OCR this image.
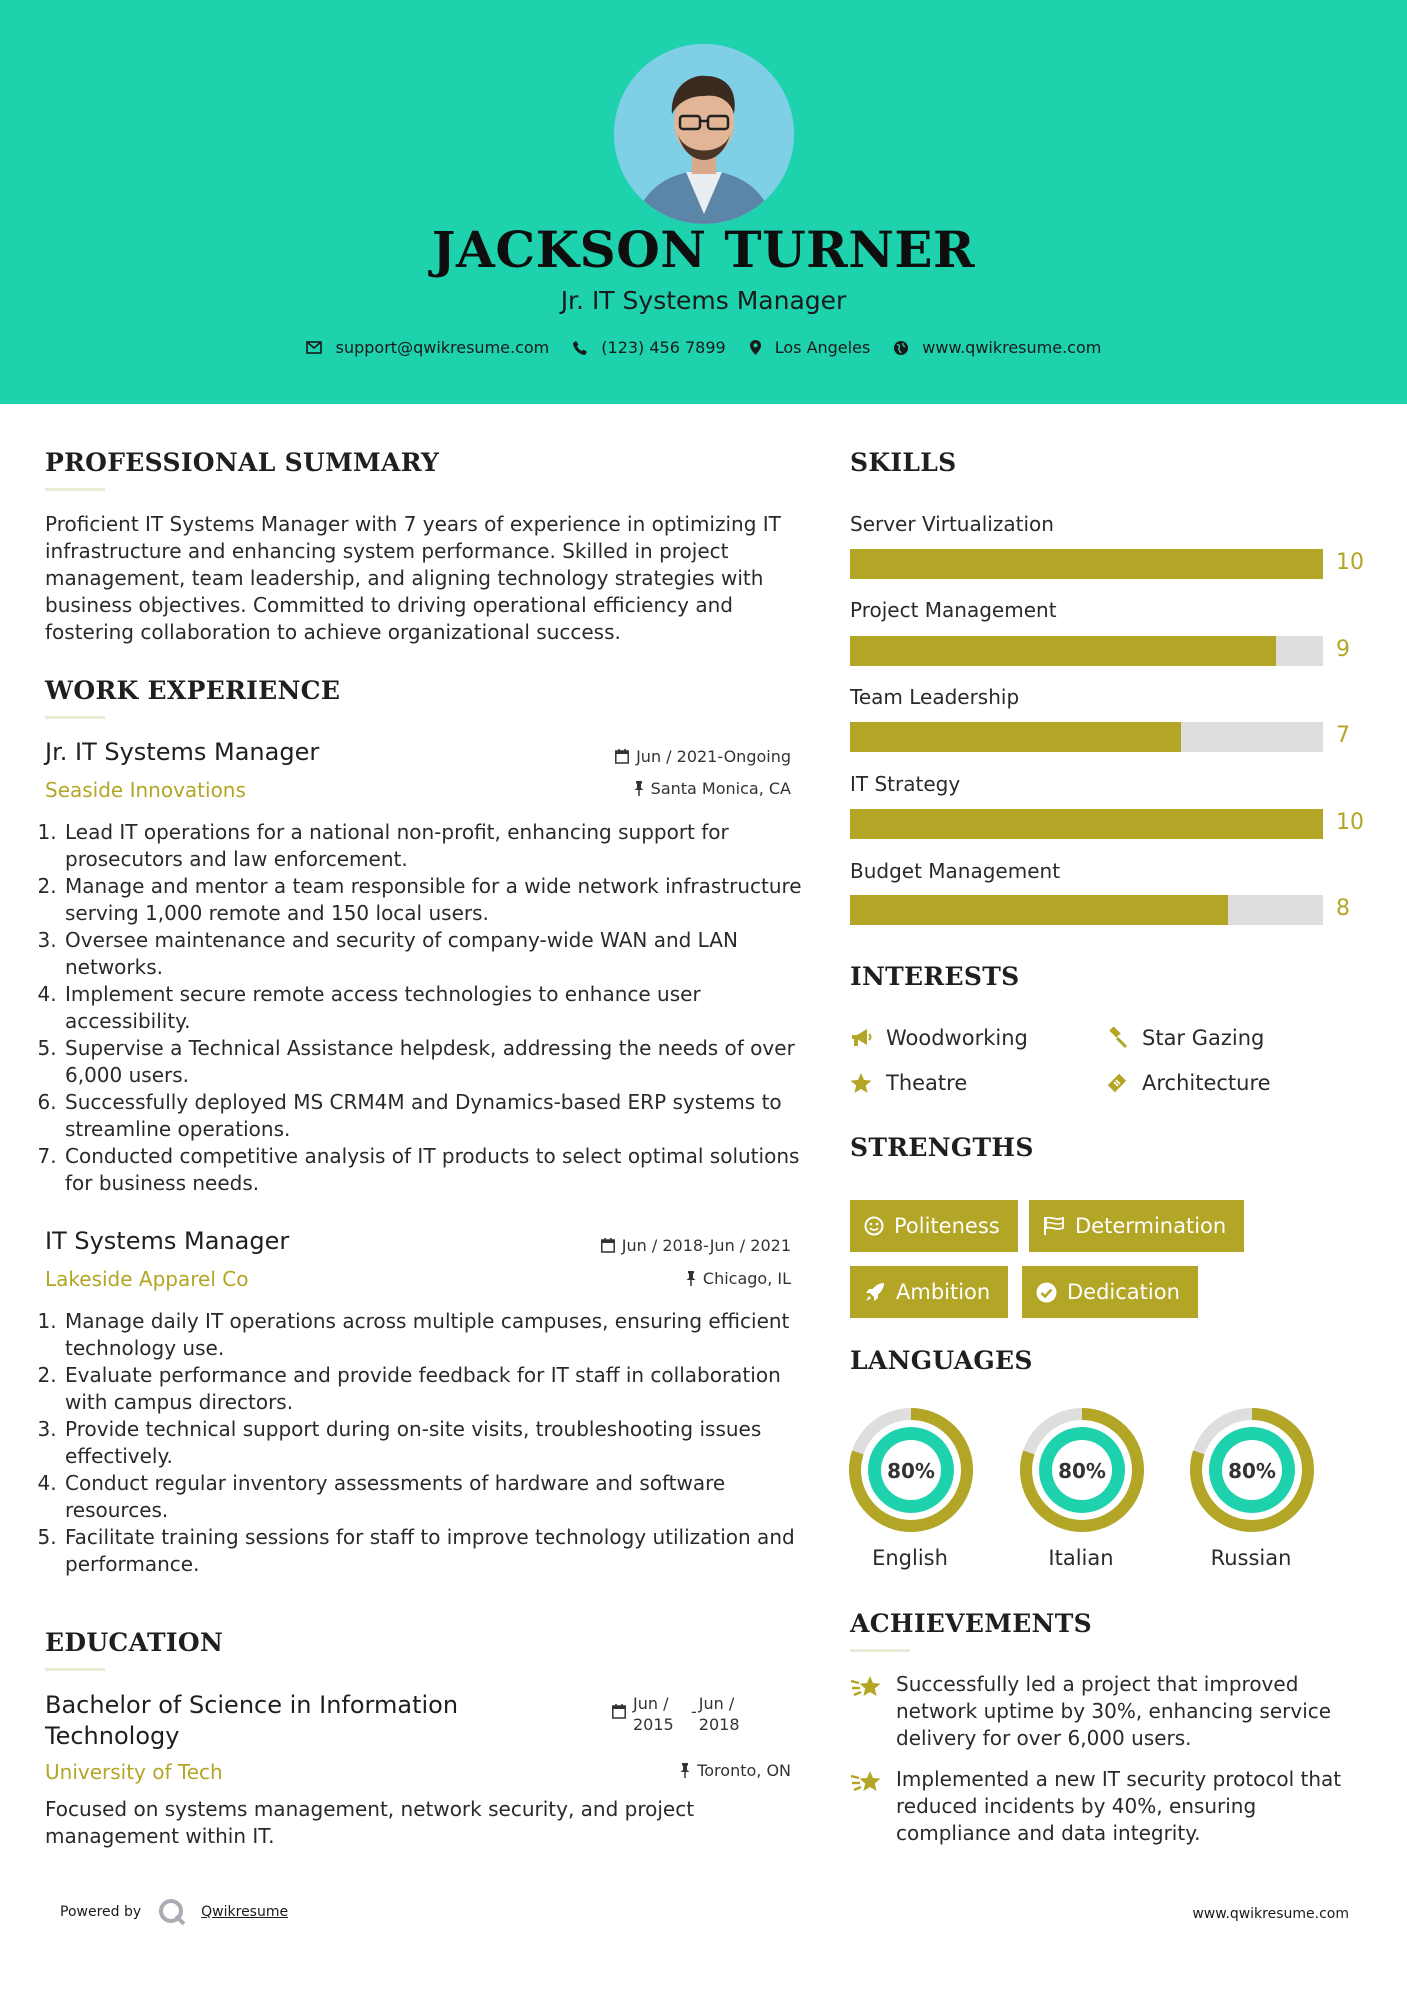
JACKSON TURNER
Jr. IT Systems Manager
support@qwikresume.com	(123) 456 7899	Los Angeles	www.qwikresume.com
PROFESSIONAL SUMMARY
Proficient IT Systems Manager with 7 years of experience in optimizing IT infrastructure and enhancing system performance. Skilled in project management, team leadership, and aligning technology strategies with business objectives. Committed to driving operational efficiency and fostering collaboration to achieve organizational success.
WORK EXPERIENCE
Jr. IT Systems Manager	Jun / 2021-Ongoing
Seaside Innovations	Santa Monica, CA
1. Lead IT operations for a national non-profit, enhancing support for prosecutors and law enforcement.
2. Manage and mentor a team responsible for a wide network infrastructure serving 1,000 remote and 150 local users.
3. Oversee maintenance and security of company-wide WAN and LAN networks.
4. Implement secure remote access technologies to enhance user accessibility.
5. Supervise a Technical Assistance helpdesk, addressing the needs of over 6,000 users.
6. Successfully deployed MS CRM4M and Dynamics-based ERP systems to streamline operations.
7. Conducted competitive analysis of IT products to select optimal solutions for business needs.
IT Systems Manager	Jun / 2018-Jun / 2021
Lakeside Apparel Co	Chicago, IL
1. Manage daily IT operations across multiple campuses, ensuring efficient technology use.
2. Evaluate performance and provide feedback for IT staff in collaboration with campus directors.
3. Provide technical support during on-site visits, troubleshooting issues effectively.
4. Conduct regular inventory assessments of hardware and software resources.
5. Facilitate training sessions for staff to improve technology utilization and performance.
EDUCATION
Bachelor of Science in Information Technology
Jun / 2015
- Jun / 2018
University of Tech	Toronto, ON
Focused on systems management, network security, and project management within IT.
SKILLS
Server Virtualization
10
Project Management
9
Team Leadership
7
IT Strategy
10
Budget Management
8
INTERESTS
Woodworking	Star Gazing
Theatre	Architecture
STRENGTHS
Politeness	Determination
Ambition	Dedication
LANGUAGES
80%
English
80%
Italian
80%
Russian
ACHIEVEMENTS
Successfully led a project that improved network uptime by 30%, enhancing service delivery for over 6,000 users.
Implemented a new IT security protocol that reduced incidents by 40%, ensuring compliance and data integrity.
Powered by	Qwikresume	www.qwikresume.com
